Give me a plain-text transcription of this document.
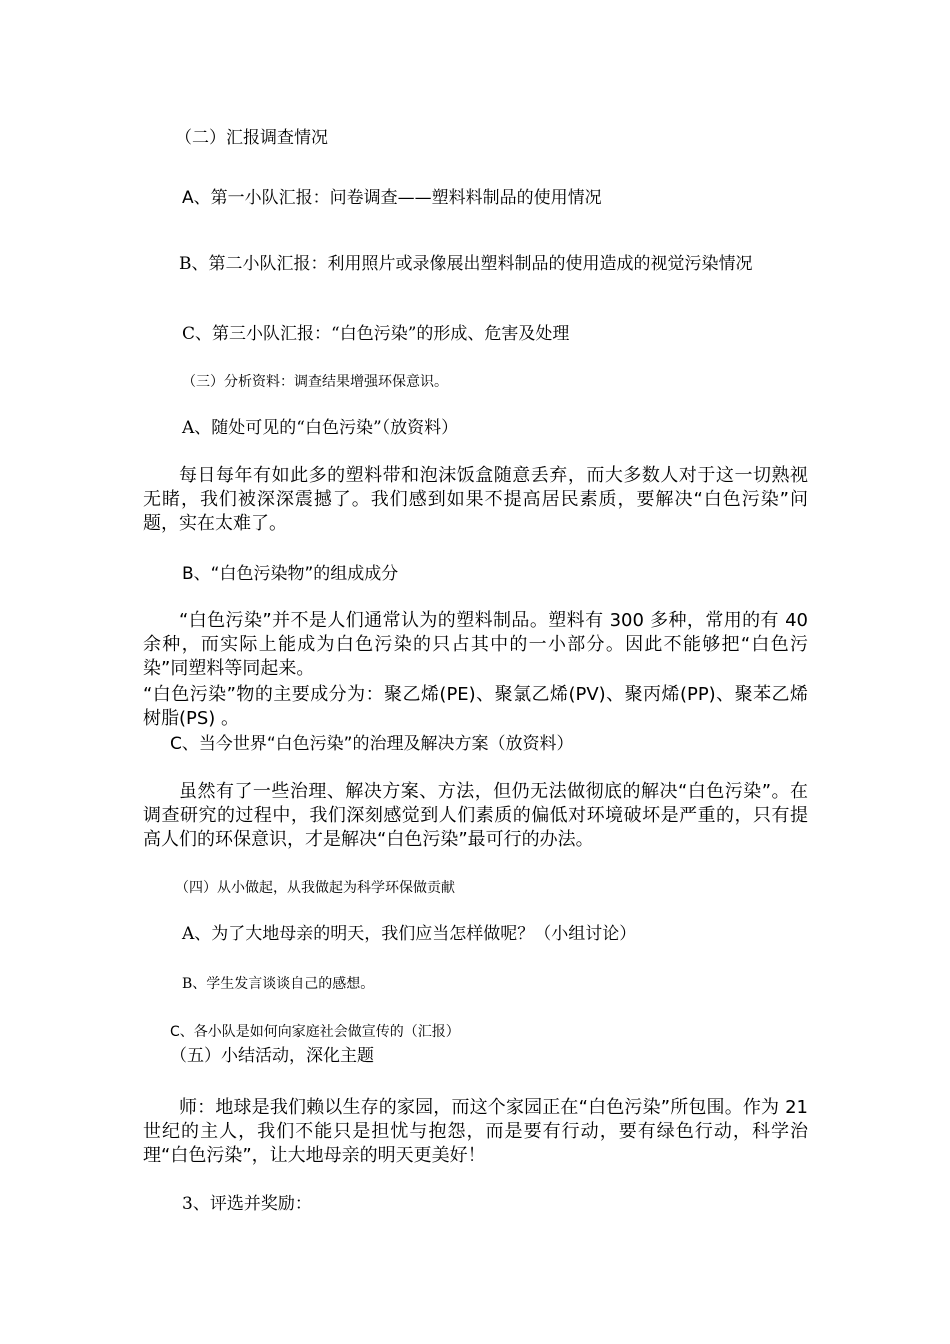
（二）汇报调查情况
A、第一小队汇报：问卷调查——塑料料制品的使用情况
B、第二小队汇报：利用照片或录像展出塑料制品的使用造成的视觉污染情况
C、第三小队汇报：“白色污染”的形成、危害及处理
（三）分析资料：调查结果增强环保意识。
A、随处可见的“白色污染”（放资料）
每日每年有如此多的塑料带和泡沫饭盒随意丢弃，而大多数人对于这一切熟视无睹，我们被深深震撼了。我们感到如果不提高居民素质，要解决“白色污染”问题，实在太难了。
B、“白色污染物”的组成成分
“白色污染”并不是人们通常认为的塑料制品。塑料有 300 多种，常用的有 40 余种，而实际上能成为白色污染的只占其中的一小部分。因此不能够把“白色污染”同塑料等同起来。
“白色污染”物的主要成分为：聚乙烯(PE)、聚氯乙烯(PV)、聚丙烯(PP)、聚苯乙烯树脂(PS) 。
C、当今世界“白色污染”的治理及解决方案（放资料）
虽然有了一些治理、解决方案、方法，但仍无法做彻底的解决“白色污染”。在调查研究的过程中，我们深刻感觉到人们素质的偏低对环境破坏是严重的，只有提高人们的环保意识，才是解决“白色污染”最可行的办法。
（四）从小做起，从我做起为科学环保做贡献
A、为了大地母亲的明天，我们应当怎样做呢？（小组讨论）
B、学生发言谈谈自己的感想。
C、各小队是如何向家庭社会做宣传的（汇报）
（五）小结活动，深化主题
师：地球是我们赖以生存的家园，而这个家园正在“白色污染”所包围。作为 21 世纪的主人，我们不能只是担忧与抱怨，而是要有行动，要有绿色行动，科学治理“白色污染”，让大地母亲的明天更美好！
3、评选并奖励：
